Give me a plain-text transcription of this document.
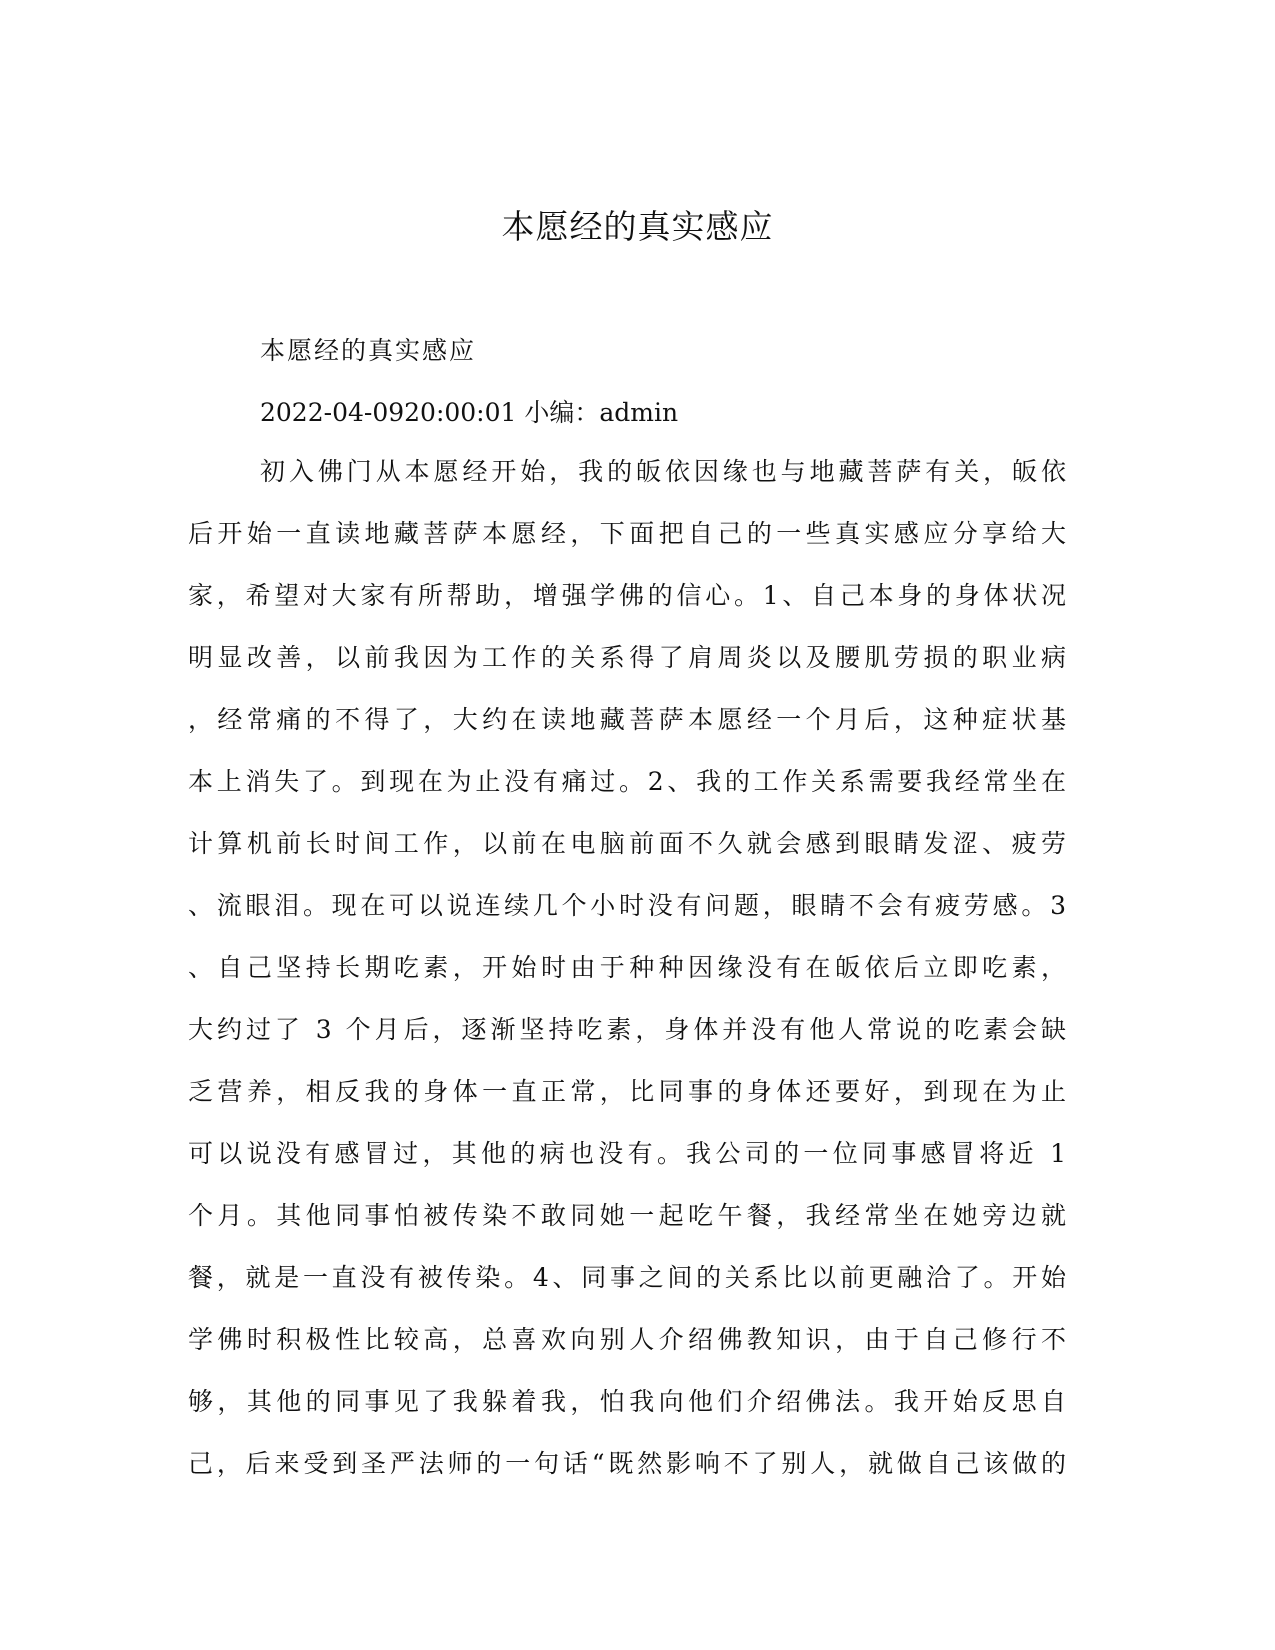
本愿经的真实感应

本愿经的真实感应

2022-04-0920:00:01 小编：admin

初入佛门从本愿经开始，我的皈依因缘也与地藏菩萨有关，皈依
后开始一直读地藏菩萨本愿经，下面把自己的一些真实感应分享给大
家，希望对大家有所帮助，增强学佛的信心。1、自己本身的身体状况
明显改善，以前我因为工作的关系得了肩周炎以及腰肌劳损的职业病
，经常痛的不得了，大约在读地藏菩萨本愿经一个月后，这种症状基
本上消失了。到现在为止没有痛过。2、我的工作关系需要我经常坐在
计算机前长时间工作，以前在电脑前面不久就会感到眼睛发涩、疲劳
、流眼泪。现在可以说连续几个小时没有问题，眼睛不会有疲劳感。3
、自己坚持长期吃素，开始时由于种种因缘没有在皈依后立即吃素，
大约过了 3 个月后，逐渐坚持吃素，身体并没有他人常说的吃素会缺
乏营养，相反我的身体一直正常，比同事的身体还要好，到现在为止
可以说没有感冒过，其他的病也没有。我公司的一位同事感冒将近 1
个月。其他同事怕被传染不敢同她一起吃午餐，我经常坐在她旁边就
餐，就是一直没有被传染。4、同事之间的关系比以前更融洽了。开始
学佛时积极性比较高，总喜欢向别人介绍佛教知识，由于自己修行不
够，其他的同事见了我躲着我，怕我向他们介绍佛法。我开始反思自
己，后来受到圣严法师的一句话“既然影响不了别人，就做自己该做的
